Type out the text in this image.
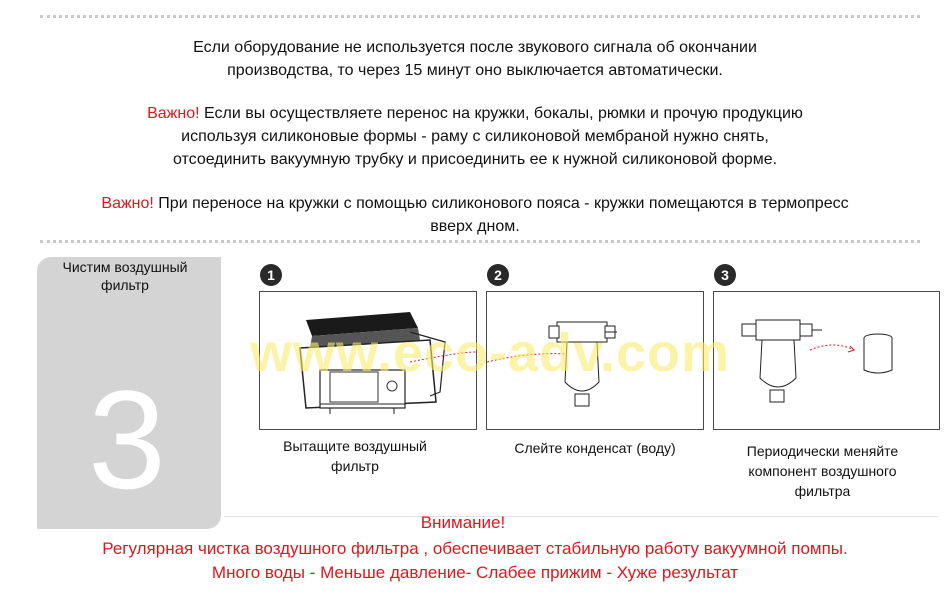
Если оборудование не используется после звукового сигнала об окончании
производства, то через 15 минут оно выключается автоматически.
Важно! Если вы осуществляете перенос на кружки, бокалы, рюмки и прочую продукцию
используя силиконовые формы - раму с силиконовой мембраной нужно снять,
отсоединить вакуумную трубку и присоединить ее к нужной силиконовой форме.
Важно! При переносе на кружки с помощью силиконового пояса - кружки помещаются в термопресс
вверх дном.
Чистим воздушный
фильтр
3
1	2	3
www.eco-adv.com
Вытащите воздушный
фильтр
Слейте конденсат (воду)	Периодически меняйте
компонент воздушного
фильтра
Внимание!
Регулярная чистка воздушного фильтра , обеспечивает стабильную работу вакуумной помпы.
Много воды - Меньше давление- Слабее прижим - Хуже результат
